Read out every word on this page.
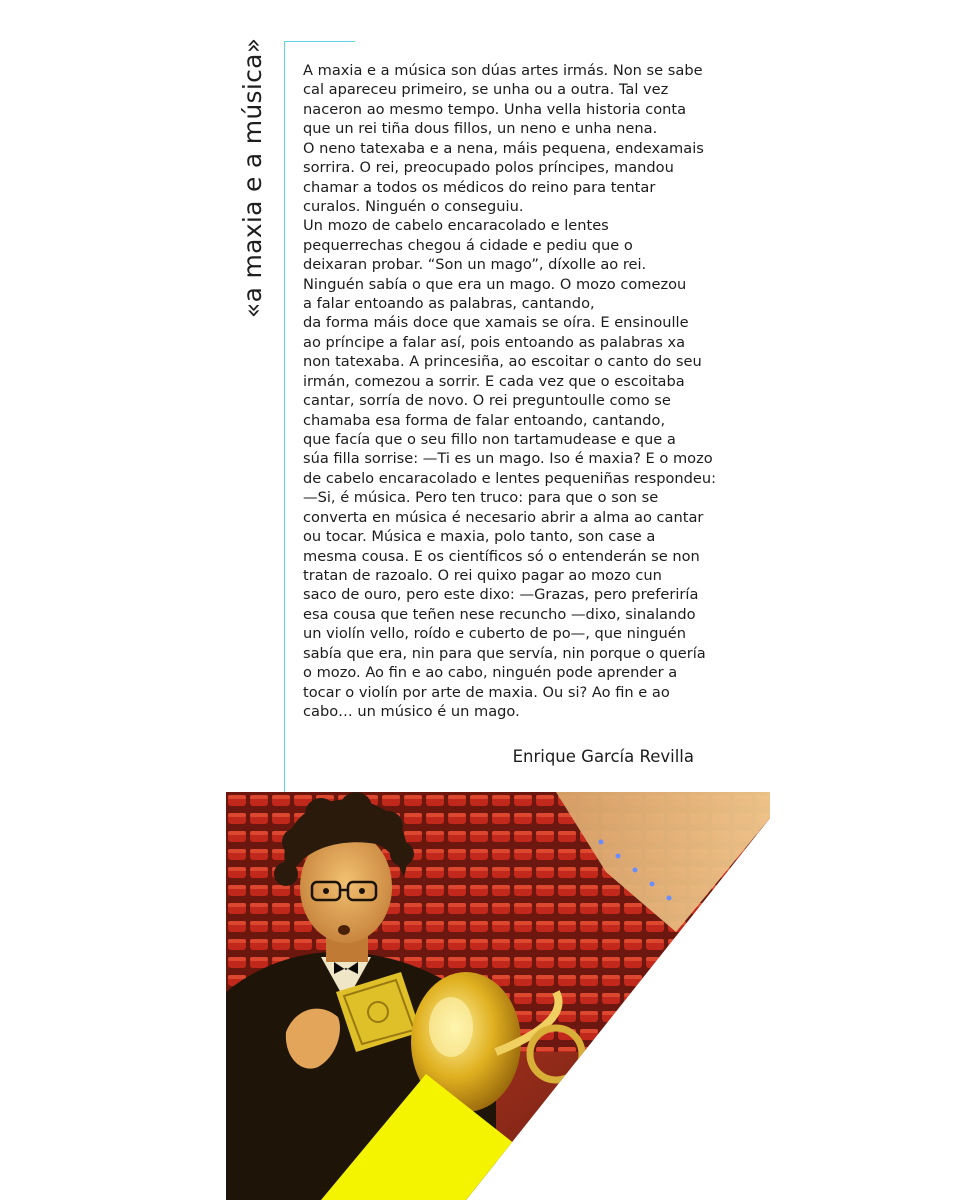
«a maxia e a música» A maxia e a música son dúas artes irmás. Non se sabe
cal apareceu primeiro, se unha ou a outra. Tal vez
naceron ao mesmo tempo. Unha vella historia conta
que un rei tiña dous fillos, un neno e unha nena.
O neno tatexaba e a nena, máis pequena, endexamais
sorrira. O rei, preocupado polos príncipes, mandou
chamar a todos os médicos do reino para tentar
curalos. Ninguén o conseguiu.
Un mozo de cabelo encaracolado e lentes
pequerrechas chegou á cidade e pediu que o
deixaran probar. “Son un mago”, díxolle ao rei.
Ninguén sabía o que era un mago. O mozo comezou
a falar entoando as palabras, cantando,
da forma máis doce que xamais se oíra. E ensinoulle
ao príncipe a falar así, pois entoando as palabras xa
non tatexaba. A princesiña, ao escoitar o canto do seu
irmán, comezou a sorrir. E cada vez que o escoitaba
cantar, sorría de novo. O rei preguntoulle como se
chamaba esa forma de falar entoando, cantando,
que facía que o seu fillo non tartamudease e que a
súa filla sorrise: —Ti es un mago. Iso é maxia? E o mozo
de cabelo encaracolado e lentes pequeniñas respondeu:
—Si, é música. Pero ten truco: para que o son se
converta en música é necesario abrir a alma ao cantar
ou tocar. Música e maxia, polo tanto, son case a
mesma cousa. E os científicos só o entenderán se non
tratan de razoalo. O rei quixo pagar ao mozo cun
saco de ouro, pero este dixo: —Grazas, pero preferiría
esa cousa que teñen nese recuncho —dixo, sinalando
un violín vello, roído e cuberto de po—, que ninguén
sabía que era, nin para que servía, nin porque o quería
o mozo. Ao fin e ao cabo, ninguén pode aprender a
tocar o violín por arte de maxia. Ou si? Ao fin e ao
cabo… un músico é un mago.
Enrique García Revilla
